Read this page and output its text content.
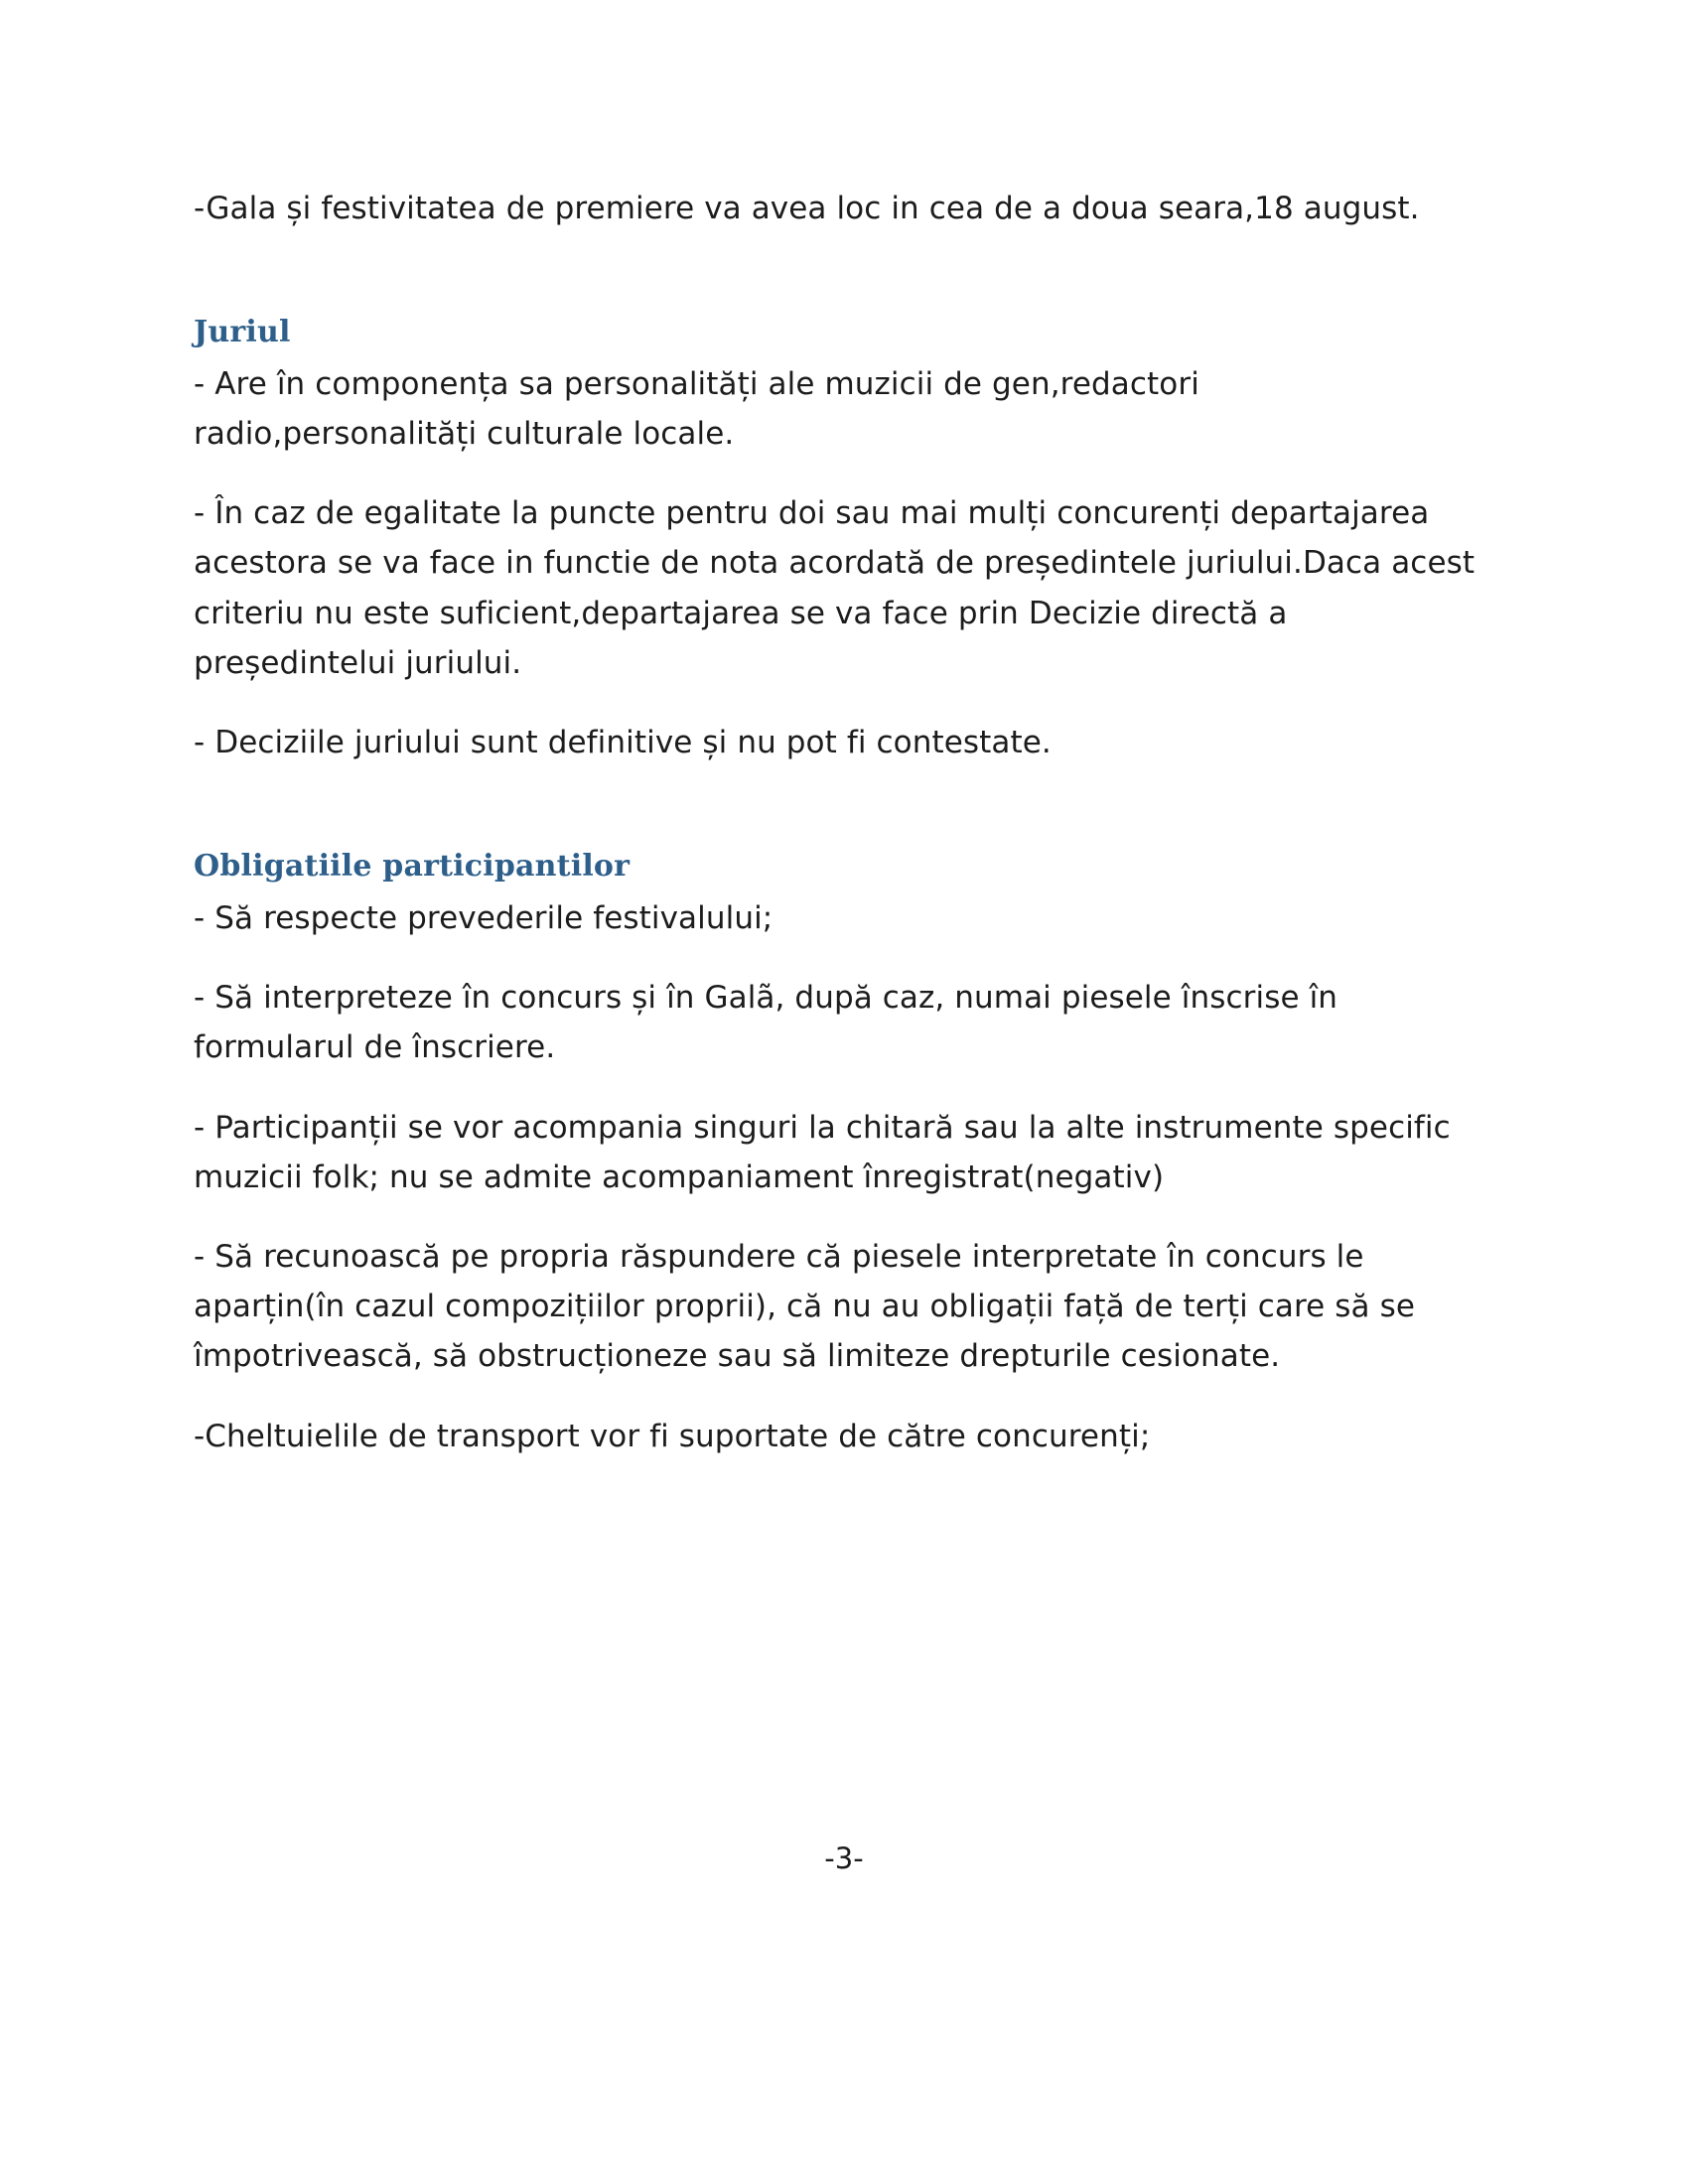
-Gala și festivitatea de premiere va avea loc in cea de a doua seara,18 august.

Juriul

- Are în componența sa personalități ale muzicii de gen,redactori radio,personalități culturale locale.

- În caz de egalitate la puncte pentru doi sau mai mulți concurenți departajarea acestora se va face in functie de nota acordată de președintele juriului.Daca acest criteriu nu este suficient,departajarea se va face prin Decizie directă a președintelui juriului.

- Deciziile juriului sunt definitive și nu pot fi contestate.

Obligatiile participantilor

- Să respecte prevederile festivalului;

- Să interpreteze în concurs și în Galã, după caz, numai piesele înscrise în formularul de înscriere.

- Participanții se vor acompania singuri la chitară sau la alte instrumente specific muzicii folk; nu se admite acompaniament înregistrat(negativ)

- Să recunoască pe propria răspundere că piesele interpretate în concurs le aparțin(în cazul compozițiilor proprii), că nu au obligații față de terți care să se împotrivească, să obstrucționeze sau să limiteze drepturile cesionate.

-Cheltuielile de transport vor fi suportate de către concurenți;

-3-
